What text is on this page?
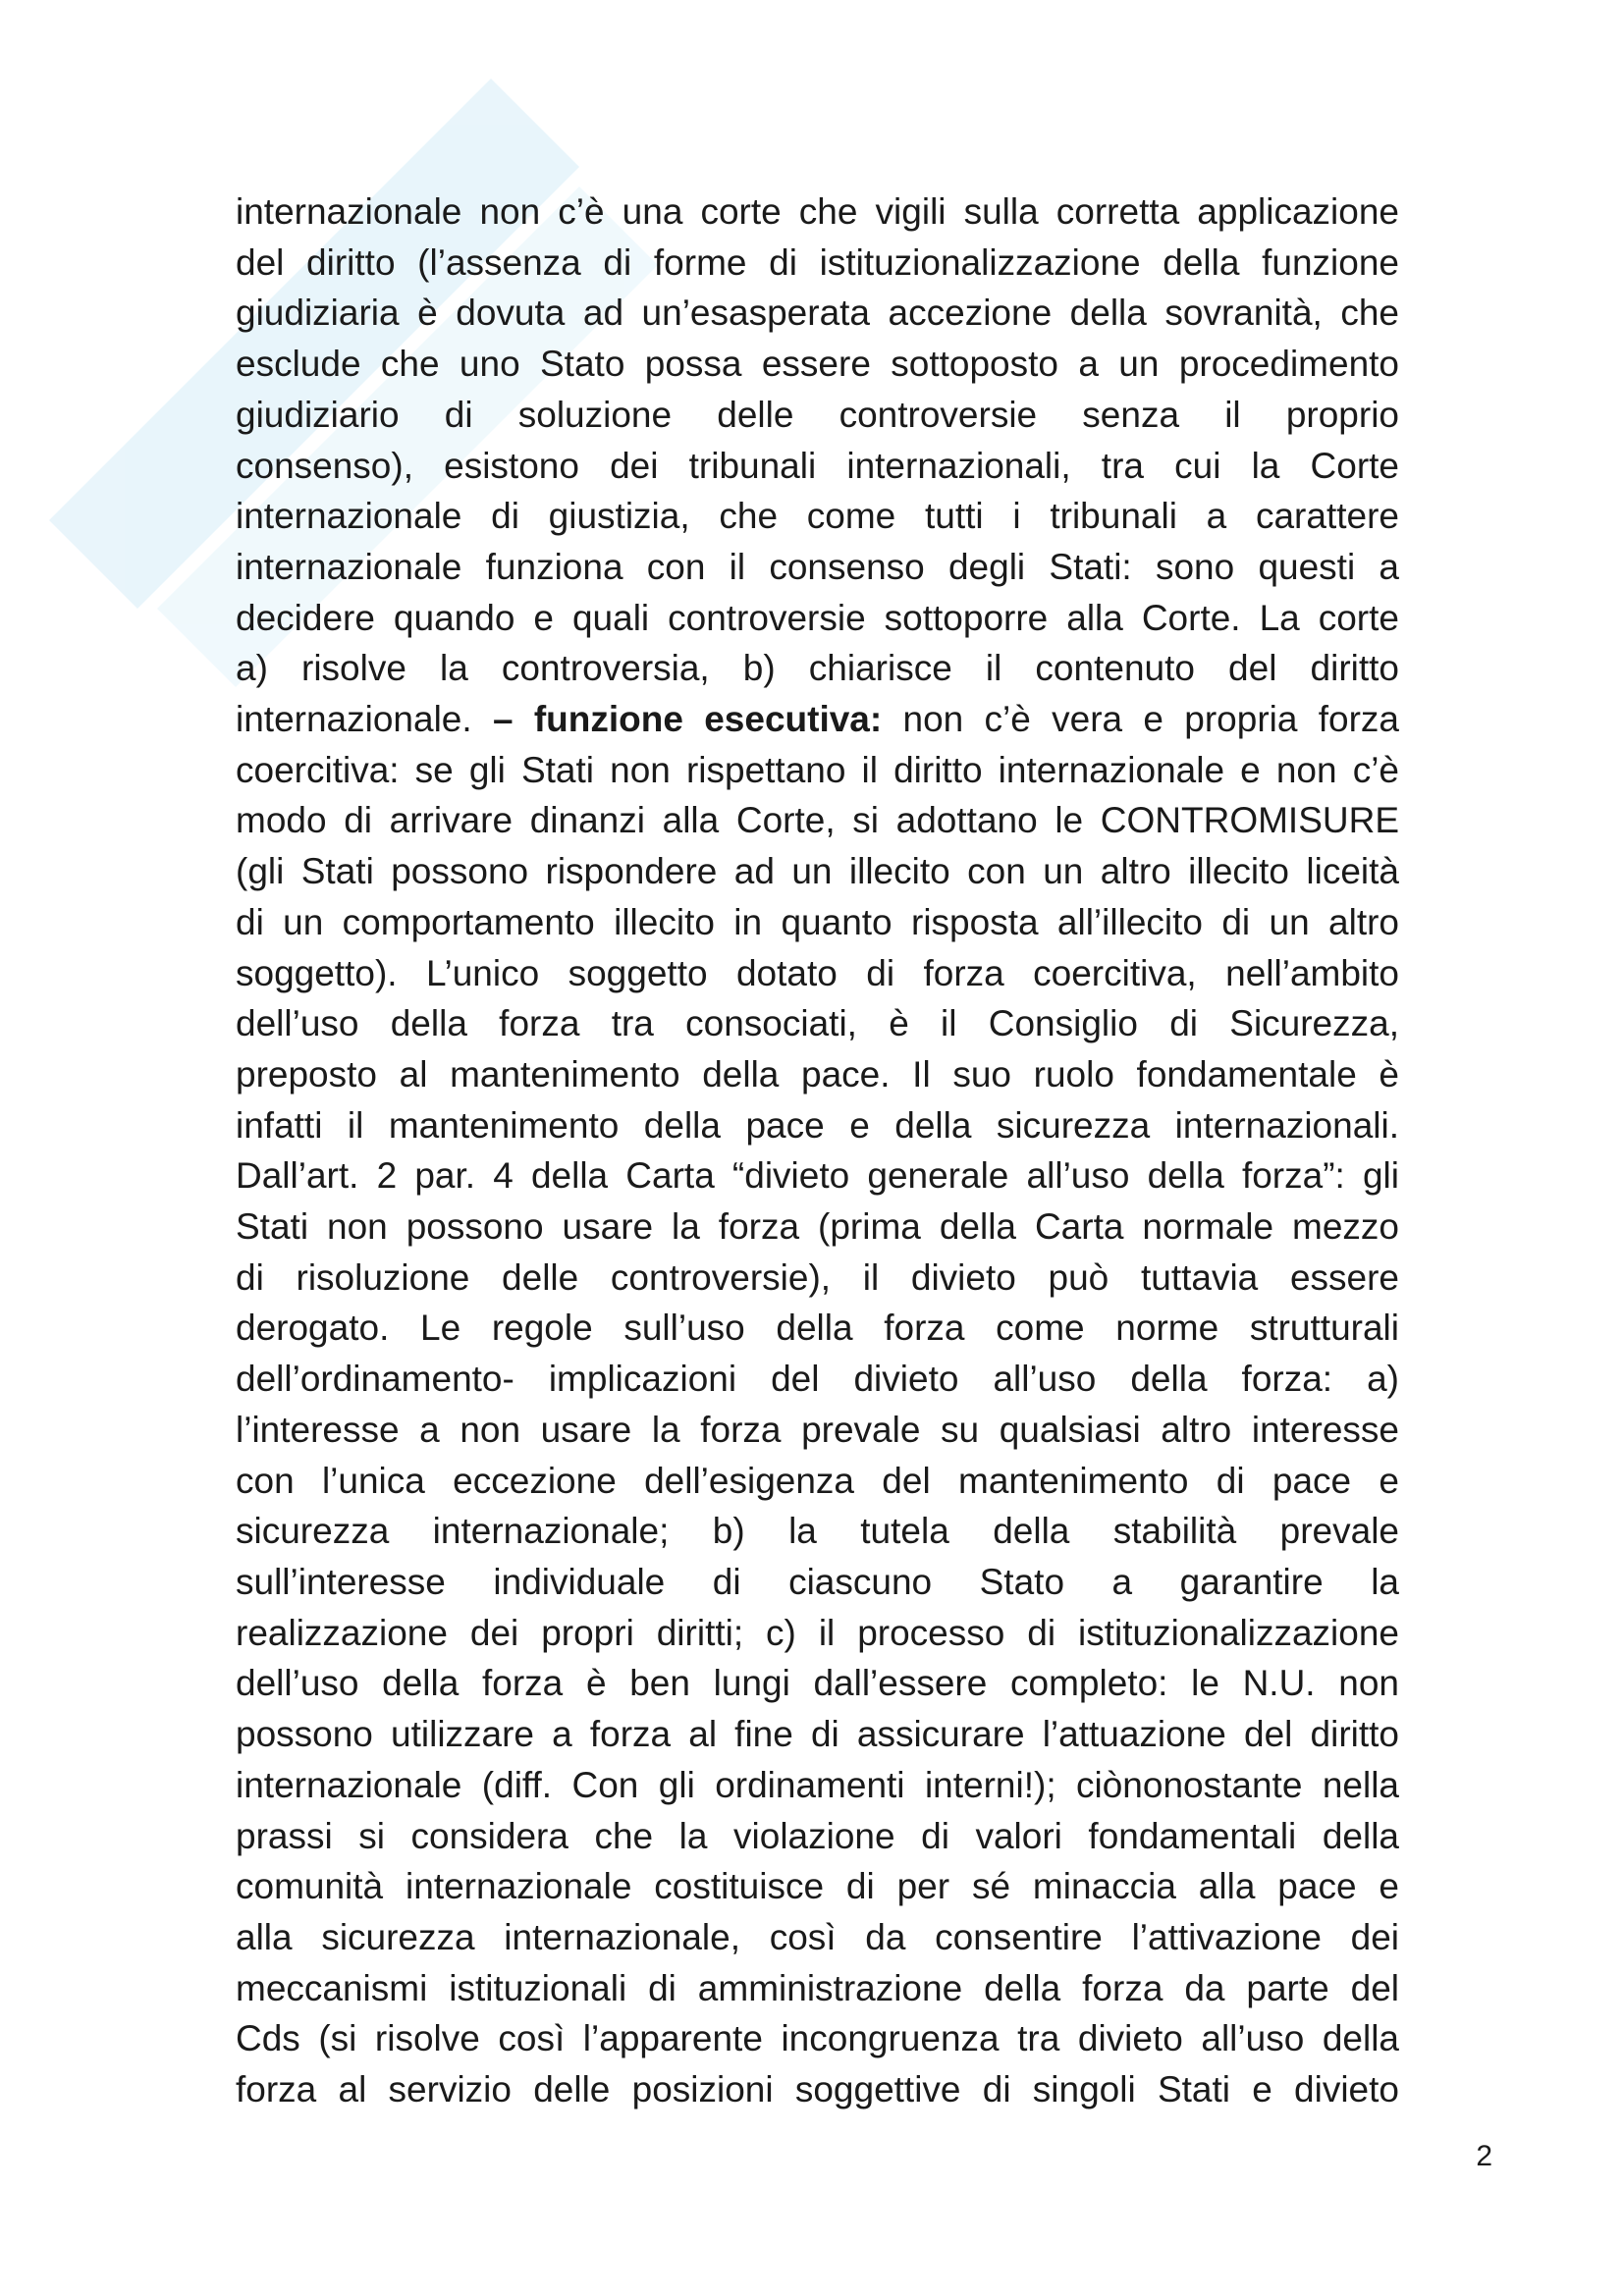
internazionale non c’è una corte che vigili sulla corretta applicazione
del diritto (l’assenza di forme di istituzionalizzazione della funzione
giudiziaria è dovuta ad un’esasperata accezione della sovranità, che
esclude che uno Stato possa essere sottoposto a un procedimento
giudiziario di soluzione delle controversie senza il proprio
consenso), esistono dei tribunali internazionali, tra cui la Corte
internazionale di giustizia, che come tutti i tribunali a carattere
internazionale funziona con il consenso degli Stati: sono questi a
decidere quando e quali controversie sottoporre alla Corte. La corte
a) risolve la controversia, b) chiarisce il contenuto del diritto
internazionale. – funzione esecutiva: non c’è vera e propria forza
coercitiva: se gli Stati non rispettano il diritto internazionale e non c’è
modo di arrivare dinanzi alla Corte, si adottano le CONTROMISURE
(gli Stati possono rispondere ad un illecito con un altro illecito liceità
di un comportamento illecito in quanto risposta all’illecito di un altro
soggetto). L’unico soggetto dotato di forza coercitiva, nell’ambito
dell’uso della forza tra consociati, è il Consiglio di Sicurezza,
preposto al mantenimento della pace. Il suo ruolo fondamentale è
infatti il mantenimento della pace e della sicurezza internazionali.
Dall’art. 2 par. 4 della Carta “divieto generale all’uso della forza”: gli
Stati non possono usare la forza (prima della Carta normale mezzo
di risoluzione delle controversie), il divieto può tuttavia essere
derogato. Le regole sull’uso della forza come norme strutturali
dell’ordinamento- implicazioni del divieto all’uso della forza: a)
l’interesse a non usare la forza prevale su qualsiasi altro interesse
con l’unica eccezione dell’esigenza del mantenimento di pace e
sicurezza internazionale; b) la tutela della stabilità prevale
sull’interesse individuale di ciascuno Stato a garantire la
realizzazione dei propri diritti; c) il processo di istituzionalizzazione
dell’uso della forza è ben lungi dall’essere completo: le N.U. non
possono utilizzare a forza al fine di assicurare l’attuazione del diritto
internazionale (diff. Con gli ordinamenti interni!); ciònonostante nella
prassi si considera che la violazione di valori fondamentali della
comunità internazionale costituisce di per sé minaccia alla pace e
alla sicurezza internazionale, così da consentire l’attivazione dei
meccanismi istituzionali di amministrazione della forza da parte del
Cds (si risolve così l’apparente incongruenza tra divieto all’uso della
forza al servizio delle posizioni soggettive di singoli Stati e divieto
2
